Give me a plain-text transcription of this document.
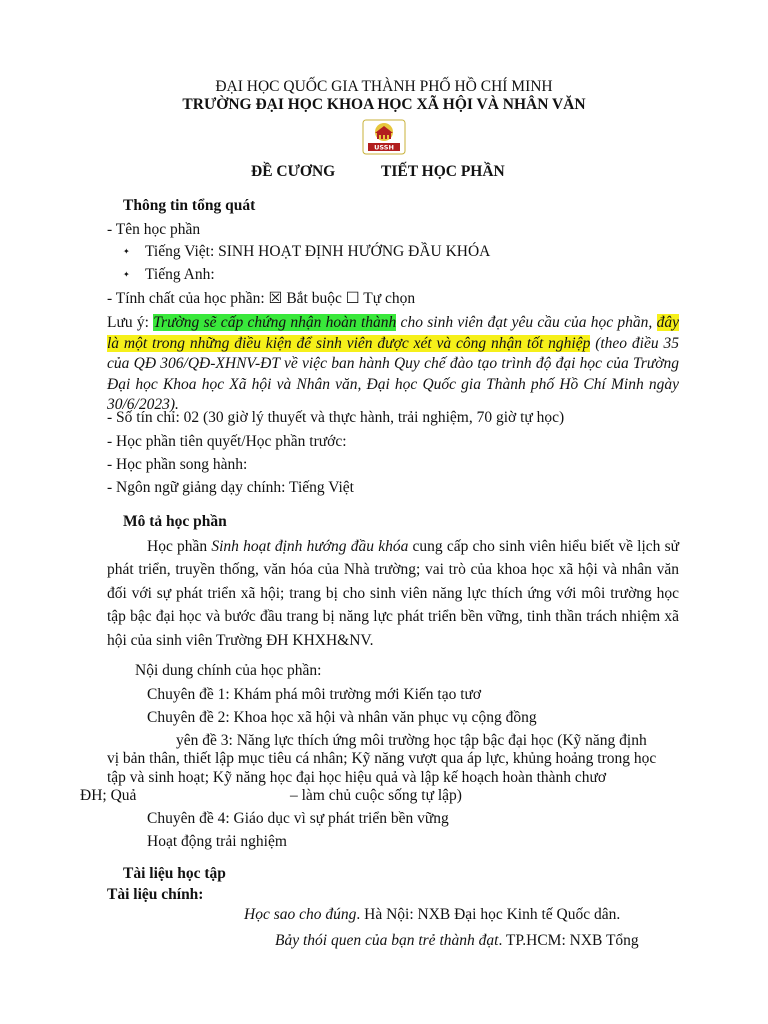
ĐẠI HỌC QUỐC GIA THÀNH PHỐ HỒ CHÍ MINH
TRƯỜNG ĐẠI HỌC KHOA HỌC XÃ HỘI VÀ NHÂN VĂN
USSH
ĐỀ CƯƠNG	TIẾT HỌC PHẦN
Thông tin tổng quát
- Tên học phần
✦ Tiếng Việt: SINH HOẠT ĐỊNH HƯỚNG ĐẦU KHÓA
✦ Tiếng Anh:
- Tính chất của học phần: ☒ Bắt buộc ☐ Tự chọn
Lưu ý: Trường sẽ cấp chứng nhận hoàn thành cho sinh viên đạt yêu cầu của học phần, đây là một trong những điều kiện để sinh viên được xét và công nhận tốt nghiệp (theo điều 35 của QĐ 306/QĐ-XHNV-ĐT về việc ban hành Quy chế đào tạo trình độ đại học của Trường Đại học Khoa học Xã hội và Nhân văn, Đại học Quốc gia Thành phố Hồ Chí Minh ngày 30/6/2023).
- Số tín chỉ: 02 (30 giờ lý thuyết và thực hành, trải nghiệm, 70 giờ tự học)
- Học phần tiên quyết/Học phần trước:
- Học phần song hành:
- Ngôn ngữ giảng dạy chính: Tiếng Việt
Mô tả học phần
Học phần Sinh hoạt định hướng đầu khóa cung cấp cho sinh viên hiểu biết về lịch sử phát triển, truyền thống, văn hóa của Nhà trường; vai trò của khoa học xã hội và nhân văn đối với sự phát triển xã hội; trang bị cho sinh viên năng lực thích ứng với môi trường học tập bậc đại học và bước đầu trang bị năng lực phát triển bền vững, tinh thần trách nhiệm xã hội của sinh viên Trường ĐH KHXH&NV.
Nội dung chính của học phần:
Chuyên đề 1: Khám phá môi trường mới Kiến tạo tươ
Chuyên đề 2: Khoa học xã hội và nhân văn phục vụ cộng đồng
yên đề 3: Năng lực thích ứng môi trường học tập bậc đại học (Kỹ năng định
vị bản thân, thiết lập mục tiêu cá nhân; Kỹ năng vượt qua áp lực, khủng hoảng trong học
tập và sinh hoạt; Kỹ năng học đại học hiệu quả và lập kế hoạch hoàn thành chươ
ĐH; Quả	– làm chủ cuộc sống tự lập)
Chuyên đề 4: Giáo dục vì sự phát triển bền vững
Hoạt động trải nghiệm
Tài liệu học tập
Tài liệu chính:
Học sao cho đúng. Hà Nội: NXB Đại học Kinh tế Quốc dân.
Bảy thói quen của bạn trẻ thành đạt. TP.HCM: NXB Tổng
